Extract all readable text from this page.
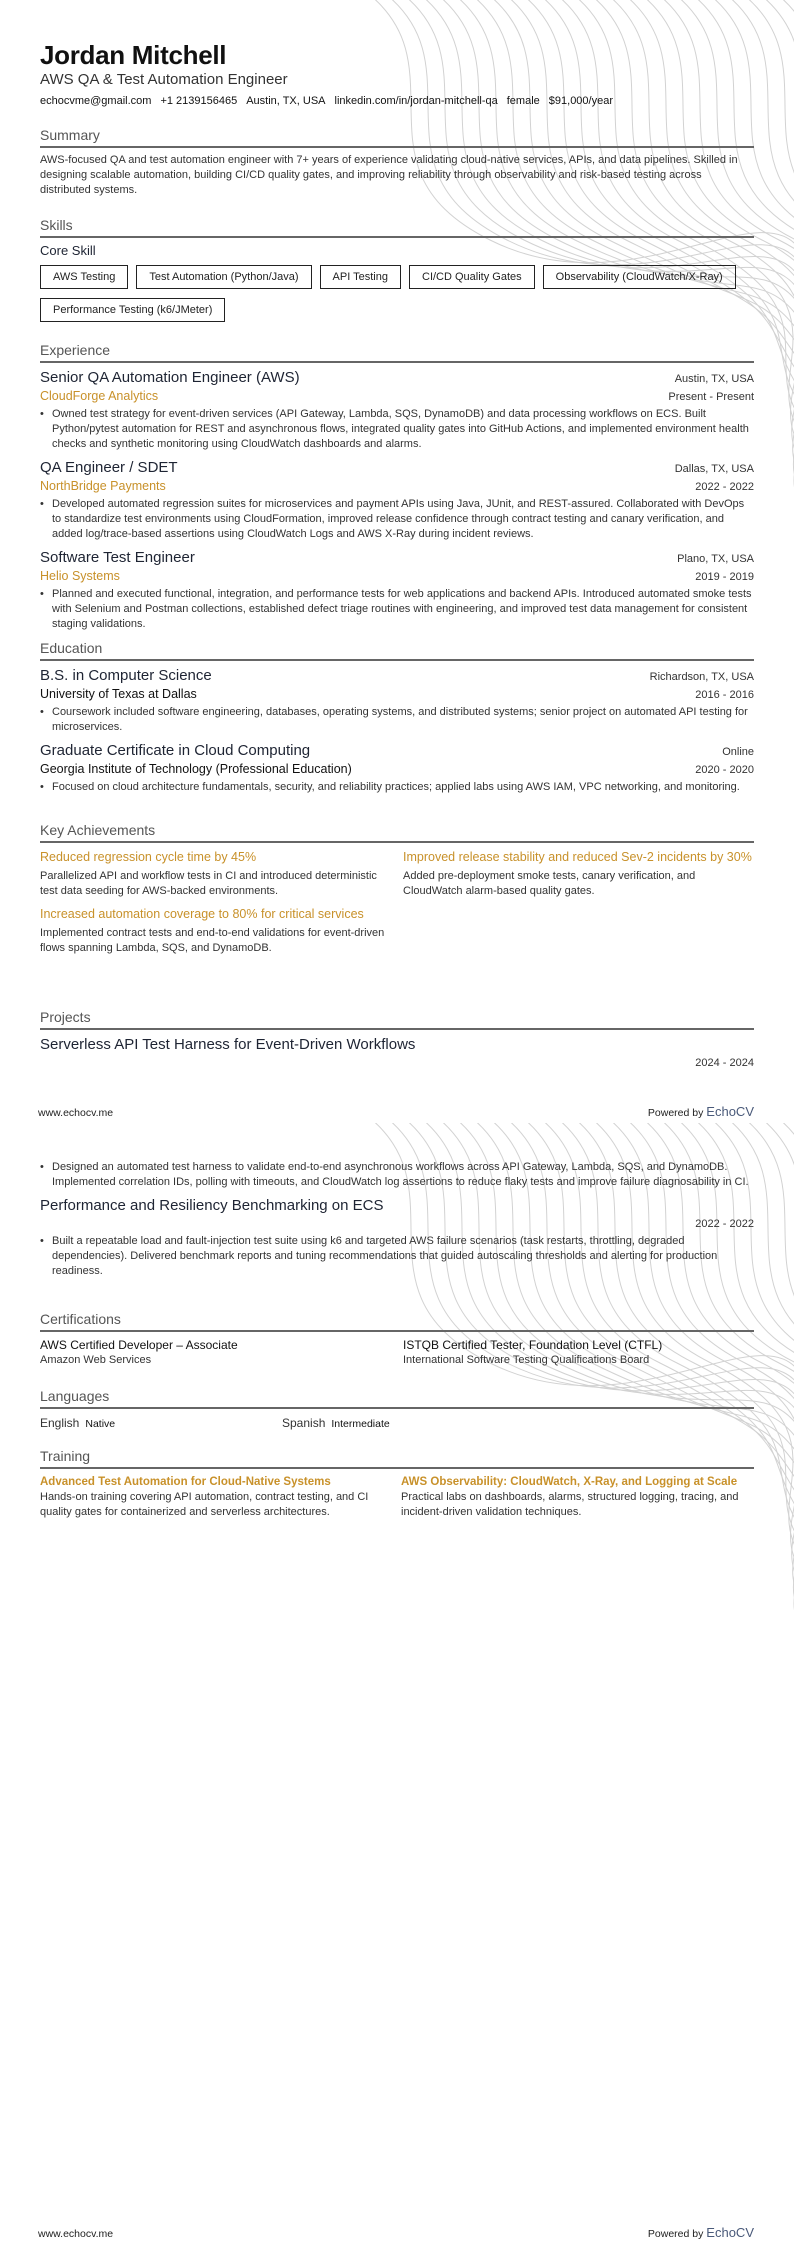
Jordan Mitchell
AWS QA & Test Automation Engineer
echocvme@gmail.com +1 2139156465 Austin, TX, USA linkedin.com/in/jordan-mitchell-qa female $91,000/year
Summary
AWS-focused QA and test automation engineer with 7+ years of experience validating cloud-native services, APIs, and data pipelines. Skilled in designing scalable automation, building CI/CD quality gates, and improving reliability through observability and risk-based testing across distributed systems.
Skills
Core Skill
AWS Testing	Test Automation (Python/Java)	API Testing	CI/CD Quality Gates	Observability (CloudWatch/X-Ray)
Performance Testing (k6/JMeter)
Experience
Senior QA Automation Engineer (AWS)	Austin, TX, USA
CloudForge Analytics	Present - Present
• Owned test strategy for event-driven services (API Gateway, Lambda, SQS, DynamoDB) and data processing workflows on ECS. Built Python/pytest automation for REST and asynchronous flows, integrated quality gates into GitHub Actions, and implemented environment health checks and synthetic monitoring using CloudWatch dashboards and alarms.
QA Engineer / SDET	Dallas, TX, USA
NorthBridge Payments	2022 - 2022
• Developed automated regression suites for microservices and payment APIs using Java, JUnit, and REST-assured. Collaborated with DevOps to standardize test environments using CloudFormation, improved release confidence through contract testing and canary verification, and added log/trace-based assertions using CloudWatch Logs and AWS X-Ray during incident reviews.
Software Test Engineer	Plano, TX, USA
Helio Systems	2019 - 2019
• Planned and executed functional, integration, and performance tests for web applications and backend APIs. Introduced automated smoke tests with Selenium and Postman collections, established defect triage routines with engineering, and improved test data management for consistent staging validations.
Education
B.S. in Computer Science	Richardson, TX, USA
University of Texas at Dallas	2016 - 2016
• Coursework included software engineering, databases, operating systems, and distributed systems; senior project on automated API testing for microservices.
Graduate Certificate in Cloud Computing	Online
Georgia Institute of Technology (Professional Education)	2020 - 2020
• Focused on cloud architecture fundamentals, security, and reliability practices; applied labs using AWS IAM, VPC networking, and monitoring.
Key Achievements
Reduced regression cycle time by 45%
Parallelized API and workflow tests in CI and introduced deterministic test data seeding for AWS-backed environments.
Improved release stability and reduced Sev-2 incidents by 30%
Added pre-deployment smoke tests, canary verification, and CloudWatch alarm-based quality gates.
Increased automation coverage to 80% for critical services
Implemented contract tests and end-to-end validations for event-driven flows spanning Lambda, SQS, and DynamoDB.
Projects
Serverless API Test Harness for Event-Driven Workflows
2024 - 2024
www.echocv.me	Powered by EchoCV
• Designed an automated test harness to validate end-to-end asynchronous workflows across API Gateway, Lambda, SQS, and DynamoDB. Implemented correlation IDs, polling with timeouts, and CloudWatch log assertions to reduce flaky tests and improve failure diagnosability in CI.
Performance and Resiliency Benchmarking on ECS
2022 - 2022
• Built a repeatable load and fault-injection test suite using k6 and targeted AWS failure scenarios (task restarts, throttling, degraded dependencies). Delivered benchmark reports and tuning recommendations that guided autoscaling thresholds and alerting for production readiness.
Certifications
AWS Certified Developer – Associate
Amazon Web Services
ISTQB Certified Tester, Foundation Level (CTFL)
International Software Testing Qualifications Board
Languages
English Native	Spanish Intermediate
Training
Advanced Test Automation for Cloud-Native Systems
Hands-on training covering API automation, contract testing, and CI quality gates for containerized and serverless architectures.
AWS Observability: CloudWatch, X-Ray, and Logging at Scale
Practical labs on dashboards, alarms, structured logging, tracing, and incident-driven validation techniques.
www.echocv.me	Powered by EchoCV
